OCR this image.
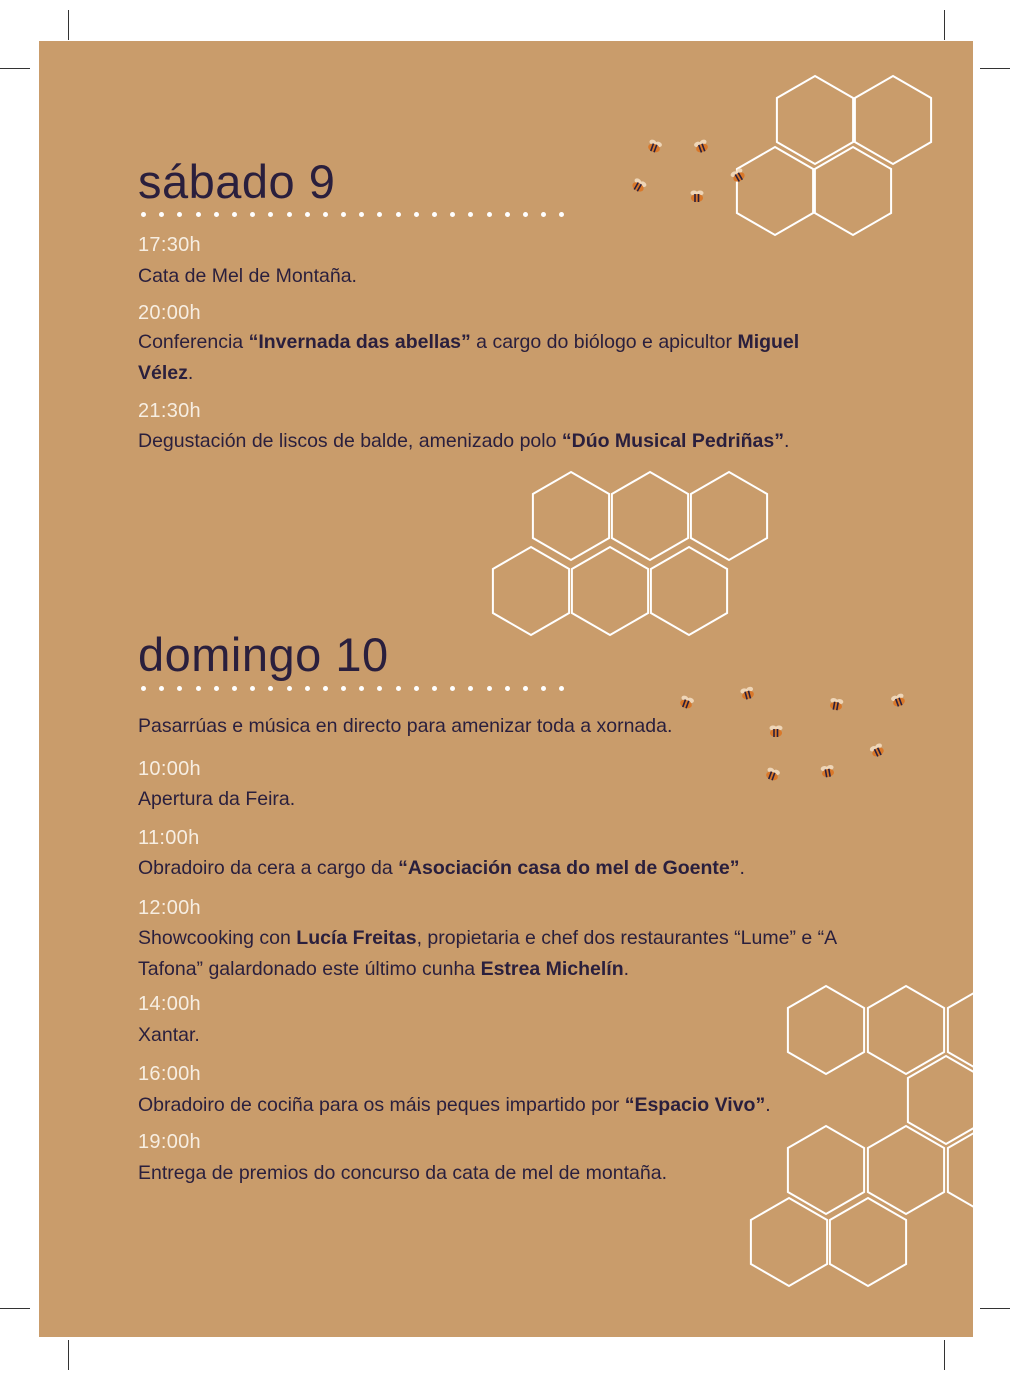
sábado 9
17:30h
Cata de Mel de Montaña.
20:00h
Conferencia “Invernada das abellas” a cargo do biólogo e apicultor Miguel Vélez.
21:30h
Degustación de liscos de balde, amenizado polo “Dúo Musical Pedriñas”.
domingo 10
Pasarrúas e música en directo para amenizar toda a xornada.
10:00h
Apertura da Feira.
11:00h
Obradoiro da cera a cargo da “Asociación casa do mel de Goente”.
12:00h
Showcooking con Lucía Freitas, propietaria e chef dos restaurantes “Lume” e “A Tafona” galardonado este último cunha Estrea Michelín.
14:00h
Xantar.
16:00h
Obradoiro de cociña para os máis peques impartido por “Espacio Vivo”.
19:00h
Entrega de premios do concurso da cata de mel de montaña.
